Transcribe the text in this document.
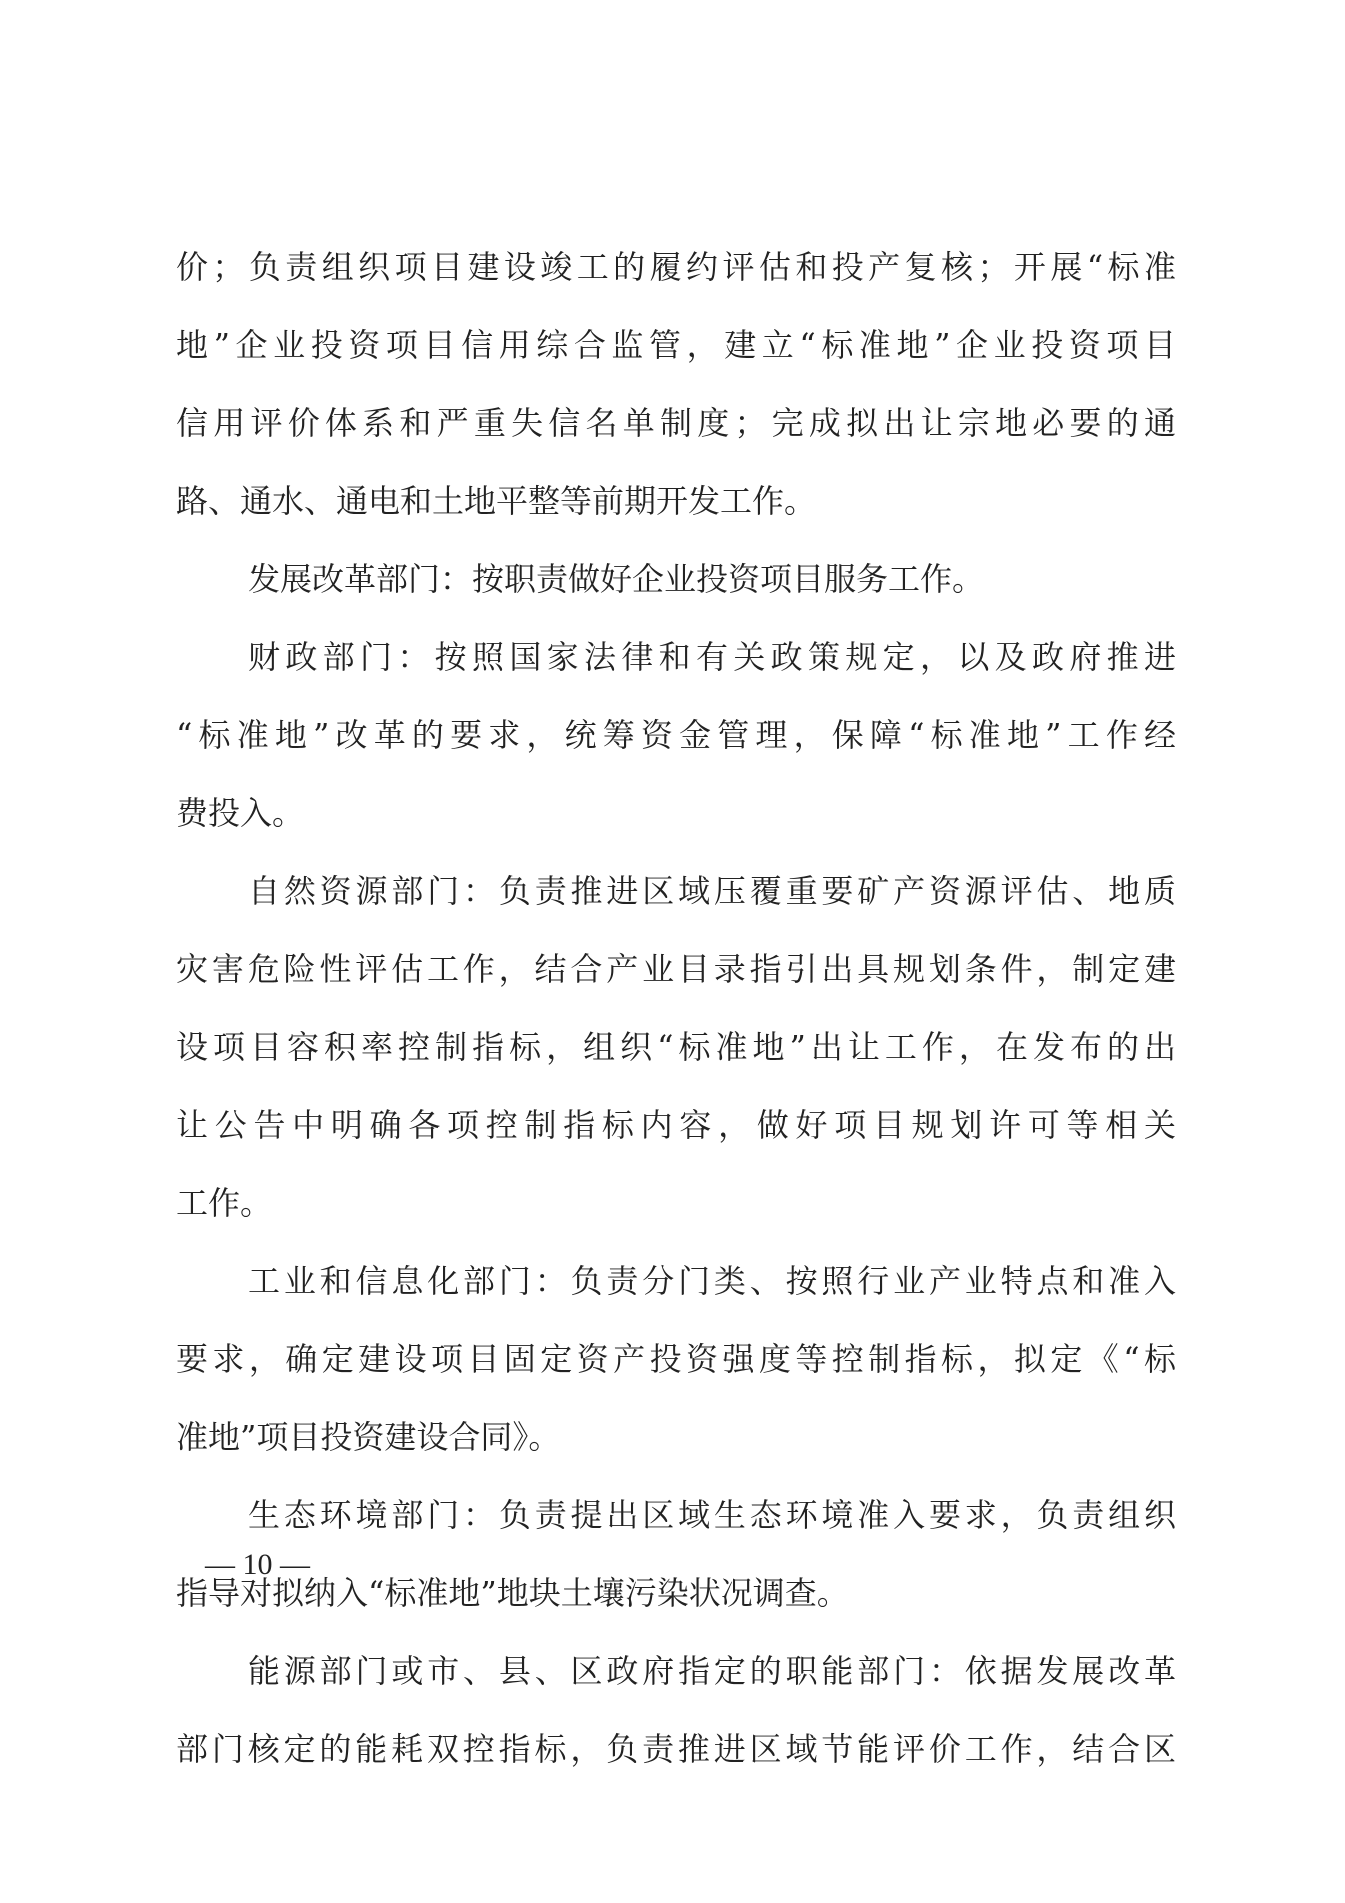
价；负责组织项目建设竣工的履约评估和投产复核；开展“标准
地”企业投资项目信用综合监管，建立“标准地”企业投资项目
信用评价体系和严重失信名单制度；完成拟出让宗地必要的通
路、通水、通电和土地平整等前期开发工作。
发展改革部门：按职责做好企业投资项目服务工作。
财政部门：按照国家法律和有关政策规定，以及政府推进
“标准地”改革的要求，统筹资金管理，保障“标准地”工作经
费投入。
自然资源部门：负责推进区域压覆重要矿产资源评估、地质
灾害危险性评估工作，结合产业目录指引出具规划条件，制定建
设项目容积率控制指标，组织“标准地”出让工作，在发布的出
让公告中明确各项控制指标内容，做好项目规划许可等相关
工作。
工业和信息化部门：负责分门类、按照行业产业特点和准入
要求，确定建设项目固定资产投资强度等控制指标，拟定《“标
准地”项目投资建设合同》。
生态环境部门：负责提出区域生态环境准入要求，负责组织
指导对拟纳入“标准地”地块土壤污染状况调查。
能源部门或市、县、区政府指定的职能部门：依据发展改革
部门核定的能耗双控指标，负责推进区域节能评价工作，结合区
— 10 —
